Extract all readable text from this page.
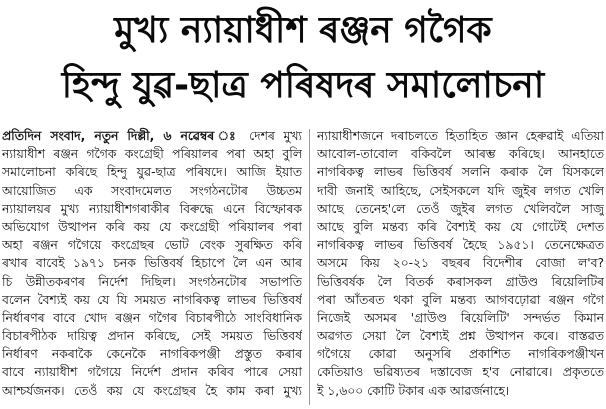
মুখ্য ন্যায়াধীশ ৰঞ্জন গগৈক
হিন্দু যুৱ-ছাত্ৰ পৰিষদৰ সমালোচনা
প্ৰতিদিন সংবাদ, নতুন দিল্লী, ৬ নৱেম্বৰ ঃ দেশৰ মুখ্য
ন্যায়াধীশ ৰঞ্জন গগৈক কংগ্ৰেছী পৰিয়ালৰ পৰা অহা বুলি
সমালোচনা কৰিছে হিন্দু যুৱ-ছাত্ৰ পৰিষদে। আজি ইয়াত
আয়োজিত এক সংবাদমেলত সংগঠনটোৰ উচ্চতম
ন্যায়ালয়ৰ মুখ্য ন্যায়াধীশগৰাকীৰ বিৰুদ্ধে এনে বিস্ফোৰক
অভিযোগ উত্থাপন কৰি কয় যে কংগ্ৰেছী পৰিয়ালৰ পৰা
অহা ৰঞ্জন গগৈয়ে কংগ্ৰেছৰ ভোট বেংক সুৰক্ষিত কৰি
ৰখাৰ বাবেই ১৯৭১ চনক ভিত্তিবৰ্ষ হিচাপে লৈ এন আৰ
চি উন্নীতকৰণৰ নিৰ্দেশ দিছিল। সংগঠনটোৰ সভাপতি
বলেন বৈশ্যই কয় যে যি সময়ত নাগৰিকত্ব লাভৰ ভিত্তিবৰ্ষ
নিৰ্ধাৰণৰ বাবে খোদ ৰঞ্জন গগৈৰ বিচাৰপীঠে সাংবিধানিক
বিচাৰপীঠক দায়িত্ব প্ৰদান কৰিছে, সেই সময়ত ভিত্তিবৰ্ষ
নিৰ্ধাৰণ নকৰাকৈ কেনেকৈ নাগৰিকপঞ্জী প্ৰস্তুত কৰাৰ
বাবে ন্যায়াধীশ গগৈয়ে নিৰ্দেশ প্ৰদান কৰিব পাৰে সেয়া
আশ্চৰ্যজনক। তেওঁ কয় যে কংগ্ৰেছৰ হৈ কাম কৰা মুখ্য
ন্যায়াধীশজনে দৰাচলতে হিতাহিত জ্ঞান হেৰুৱাই এতিয়া
আবোল-তাবোল বকিবলৈ আৰম্ভ কৰিছে। আনহাতে
নাগৰিকত্ব লাভৰ ভিত্তিবৰ্ষ সলনি কৰাক লৈ যিসকলে
দাবী জনাই আহিছে, সেইসকলে যদি জুইৰ লগত খেলি
আছে তেনেহ'লে তেওঁ জুইৰ লগত খেলিবলৈ সাজু
আছে বুলি মন্তব্য কৰি বৈশ্যই কয় যে গোটেই দেশত
নাগৰিকত্ব লাভৰ ভিত্তিবৰ্ষ হৈছে ১৯৫১। তেনেক্ষেত্ৰত
অসমে কিয় ২০-২১ বছৰৰ বিদেশীৰ বোজা ল'ব?
ভিত্তিবৰ্ষক লৈ বিতৰ্ক কৰাসকল গ্ৰাউণ্ড ৰিয়েলিটিৰ
পৰা আঁতৰত থকা বুলি মন্তব্য আগবঢ়োৱা ৰঞ্জন গগৈ
নিজেই অসমৰ 'গ্ৰাউণ্ড ৰিয়েলিটি' সন্দৰ্ভত কিমান
অৱগত সেয়া লৈ বৈশ্যই প্ৰশ্ন উত্থাপন কৰে। বাস্তৱত
গগৈয়ে কোৱা অনুসৰি প্ৰকাশিত নাগৰিকপঞ্জীখন
কেতিয়াও ভৱিষ্যতৰ দস্তাবেজ হ'ব নোৱাৰে। প্ৰকৃততে
ই ১,৬০০ কোটি টকাৰ এক আৱৰ্জনাহে।
